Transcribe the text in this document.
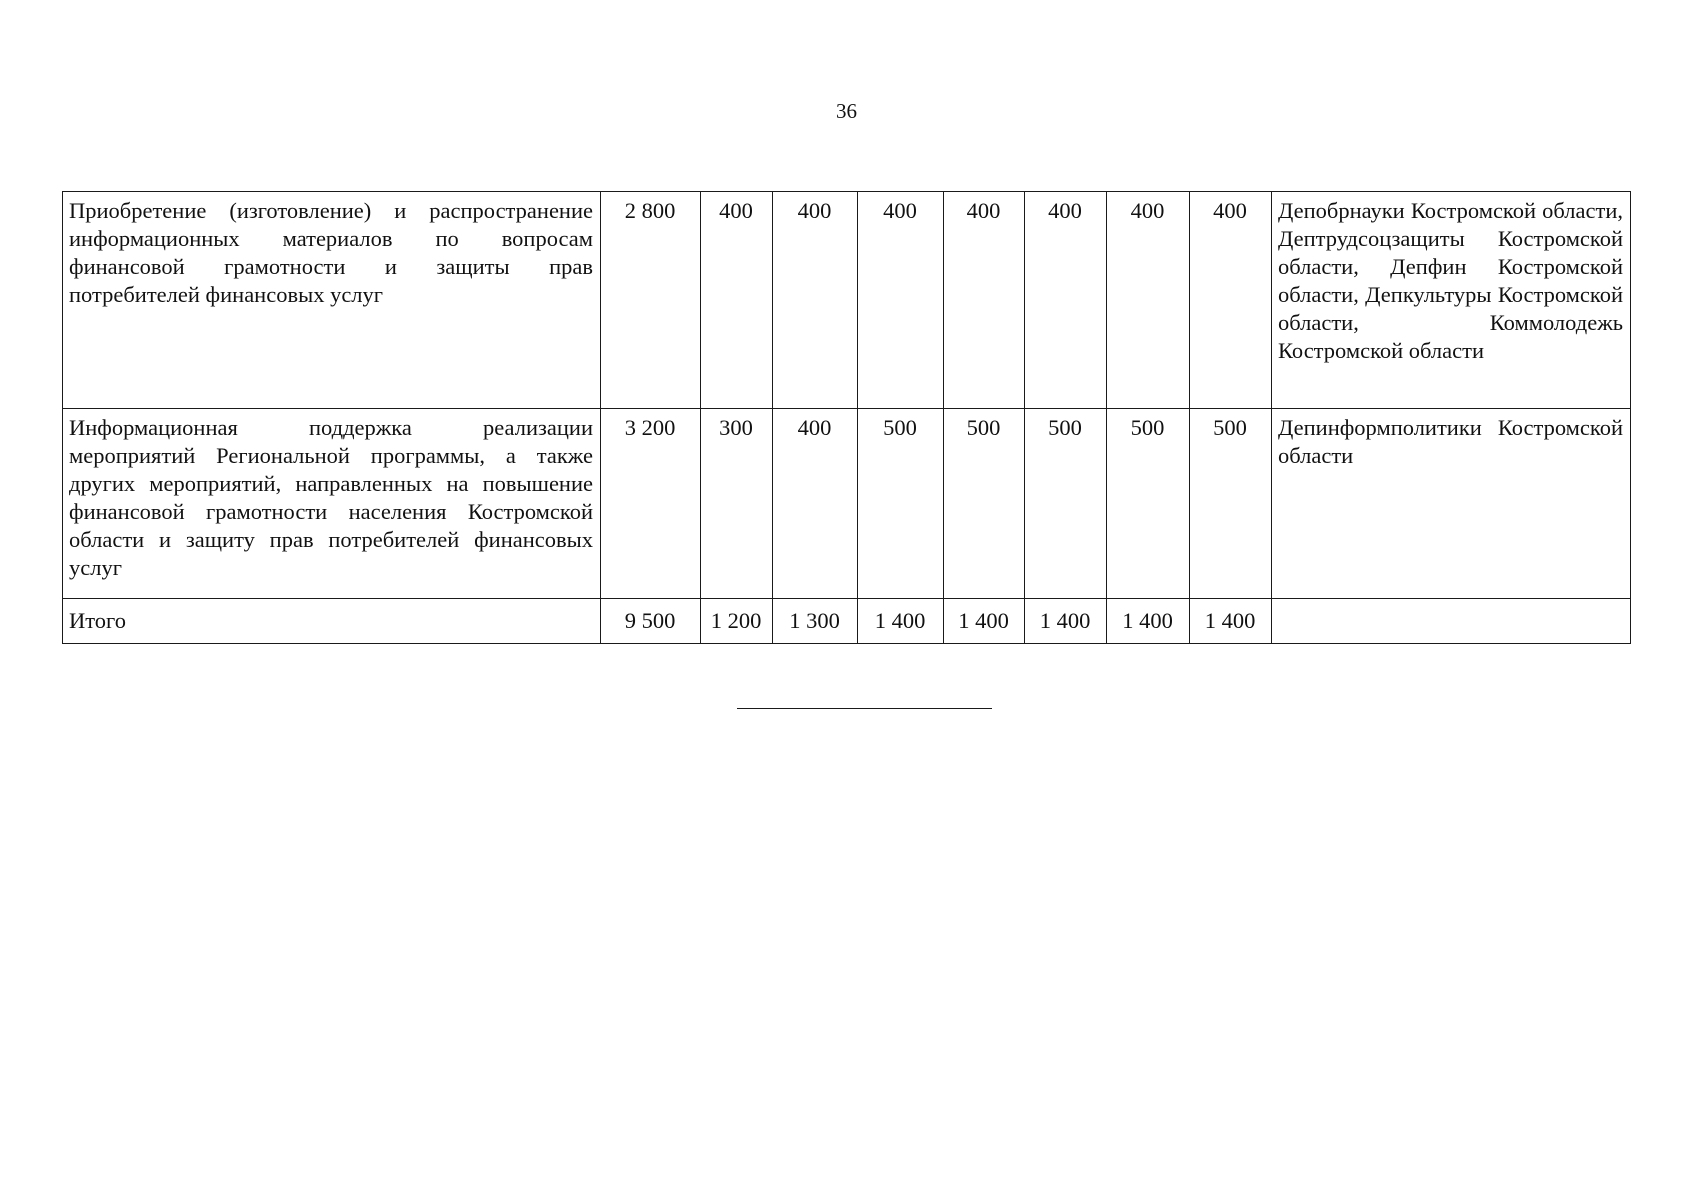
36
Приобретение (изготовление) и распространение информационных материалов по вопросам финансовой грамотности и защиты прав потребителей финансовых услуг	2 800	400	400	400	400	400	400	400	Депобрнауки Костромской области, Дептрудсоцзащиты Костромской области, Депфин Костромской области, Депкультуры Костромской области, Коммолодежь Костромской области
Информационная поддержка реализации мероприятий Региональной программы, а также других мероприятий, направленных на повышение финансовой грамотности населения Костромской области и защиту прав потребителей финансовых услуг	3 200	300	400	500	500	500	500	500	Депинформполитики Костромской области
Итого	9 500	1 200	1 300	1 400	1 400	1 400	1 400	1 400	
